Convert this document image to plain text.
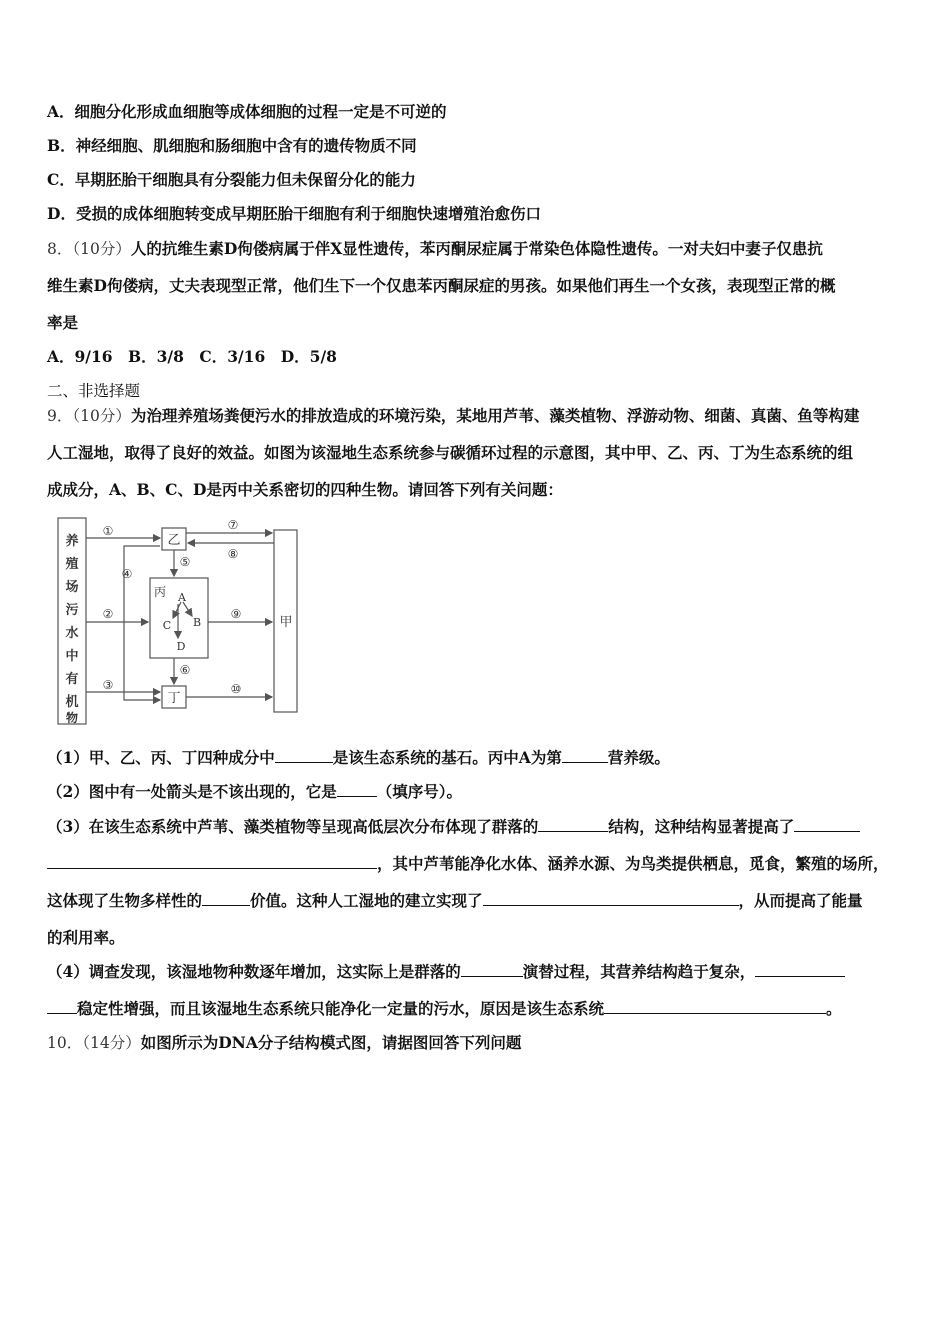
A．细胞分化形成血细胞等成体细胞的过程一定是不可逆的
B．神经细胞、肌细胞和肠细胞中含有的遗传物质不同
C．早期胚胎干细胞具有分裂能力但未保留分化的能力
D．受损的成体细胞转变成早期胚胎干细胞有利于细胞快速增殖治愈伤口
8．（10分）人的抗维生素D佝偻病属于伴X显性遗传，苯丙酮尿症属于常染色体隐性遗传。一对夫妇中妻子仅患抗
维生素D佝偻病，丈夫表现型正常，他们生下一个仅患苯丙酮尿症的男孩。如果他们再生一个女孩，表现型正常的概
率是
A．9/16　B．3/8　C．3/16　D．5/8
二、非选择题
9．（10分）为治理养殖场粪便污水的排放造成的环境污染，某地用芦苇、藻类植物、浮游动物、细菌、真菌、鱼等构建
人工湿地，取得了良好的效益。如图为该湿地生态系统参与碳循环过程的示意图，其中甲、乙、丙、丁为生态系统的组
成成分，A、B、C、D是丙中关系密切的四种生物。请回答下列有关问题：
养
殖
场
污
水
中
有
机
物
乙
丁
甲
丙 A
B
C
D
①
②
③
④
⑤
⑥
⑦
⑧
⑨
⑩
（1）甲、乙、丙、丁四种成分中	是该生态系统的基石。丙中A为第	营养级。
（2）图中有一处箭头是不该出现的，它是	（填序号）。
（3）在该生态系统中芦苇、藻类植物等呈现高低层次分布体现了群落的	结构，这种结构显著提高了
，其中芦苇能净化水体、涵养水源、为鸟类提供栖息，觅食，繁殖的场所，
这体现了生物多样性的	价值。这种人工湿地的建立实现了	，从而提高了能量
的利用率。
（4）调查发现，该湿地物种数逐年增加，这实际上是群落的	演替过程，其营养结构趋于复杂，
稳定性增强，而且该湿地生态系统只能净化一定量的污水，原因是该生态系统	。
10．（14分）如图所示为DNA分子结构模式图，请据图回答下列问题
